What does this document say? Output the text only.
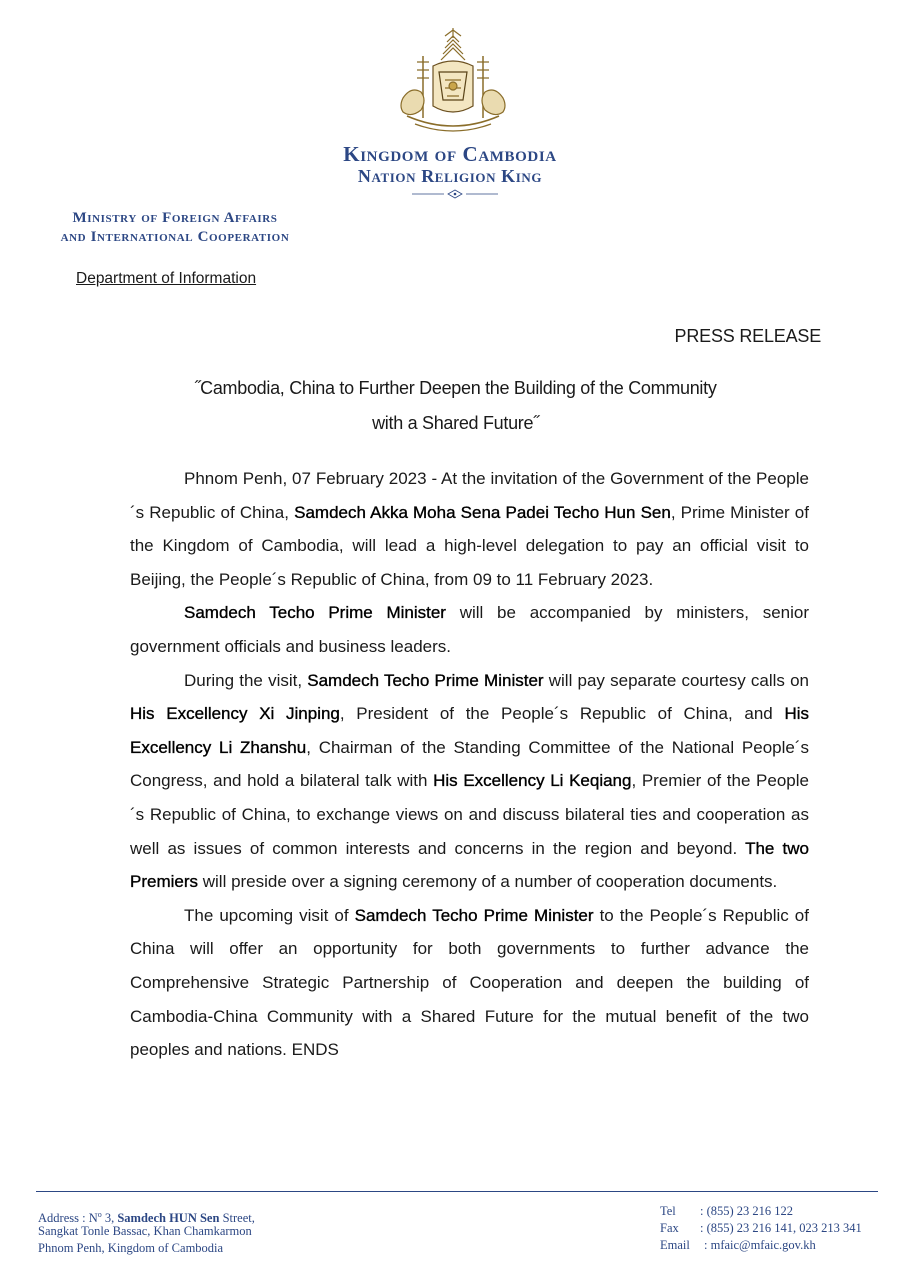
Kingdom of Cambodia
Nation Religion King
Ministry of Foreign Affairs
and International Cooperation
Department of Information
PRESS RELEASE
˝Cambodia, China to Further Deepen the Building of the Community
with a Shared Future˝

Phnom Penh, 07 February 2023 - At the invitation of the Government of the People´s Republic of China, Samdech Akka Moha Sena Padei Techo Hun Sen, Prime Minister of the Kingdom of Cambodia, will lead a high-level delegation to pay an official visit to Beijing, the People´s Republic of China, from 09 to 11 February 2023.

Samdech Techo Prime Minister will be accompanied by ministers, senior government officials and business leaders.

During the visit, Samdech Techo Prime Minister will pay separate courtesy calls on His Excellency Xi Jinping, President of the People´s Republic of China, and His Excellency Li Zhanshu, Chairman of the Standing Committee of the National People´s Congress, and hold a bilateral talk with His Excellency Li Keqiang, Premier of the People´s Republic of China, to exchange views on and discuss bilateral ties and cooperation as well as issues of common interests and concerns in the region and beyond. The two Premiers will preside over a signing ceremony of a number of cooperation documents.

The upcoming visit of Samdech Techo Prime Minister to the People´s Republic of China will offer an opportunity for both governments to further advance the Comprehensive Strategic Partnership of Cooperation and deepen the building of Cambodia-China Community with a Shared Future for the mutual benefit of the two peoples and nations. ENDS

Address : $N^o$ 3, Samdech HUN Sen Street,
Sangkat Tonle Bassac, Khan Chamkarmon
Phnom Penh, Kingdom of Cambodia
Tel : (855) 23 216 122
Fax : (855) 23 216 141, 023 213 341
Email : mfaic@mfaic.gov.kh
